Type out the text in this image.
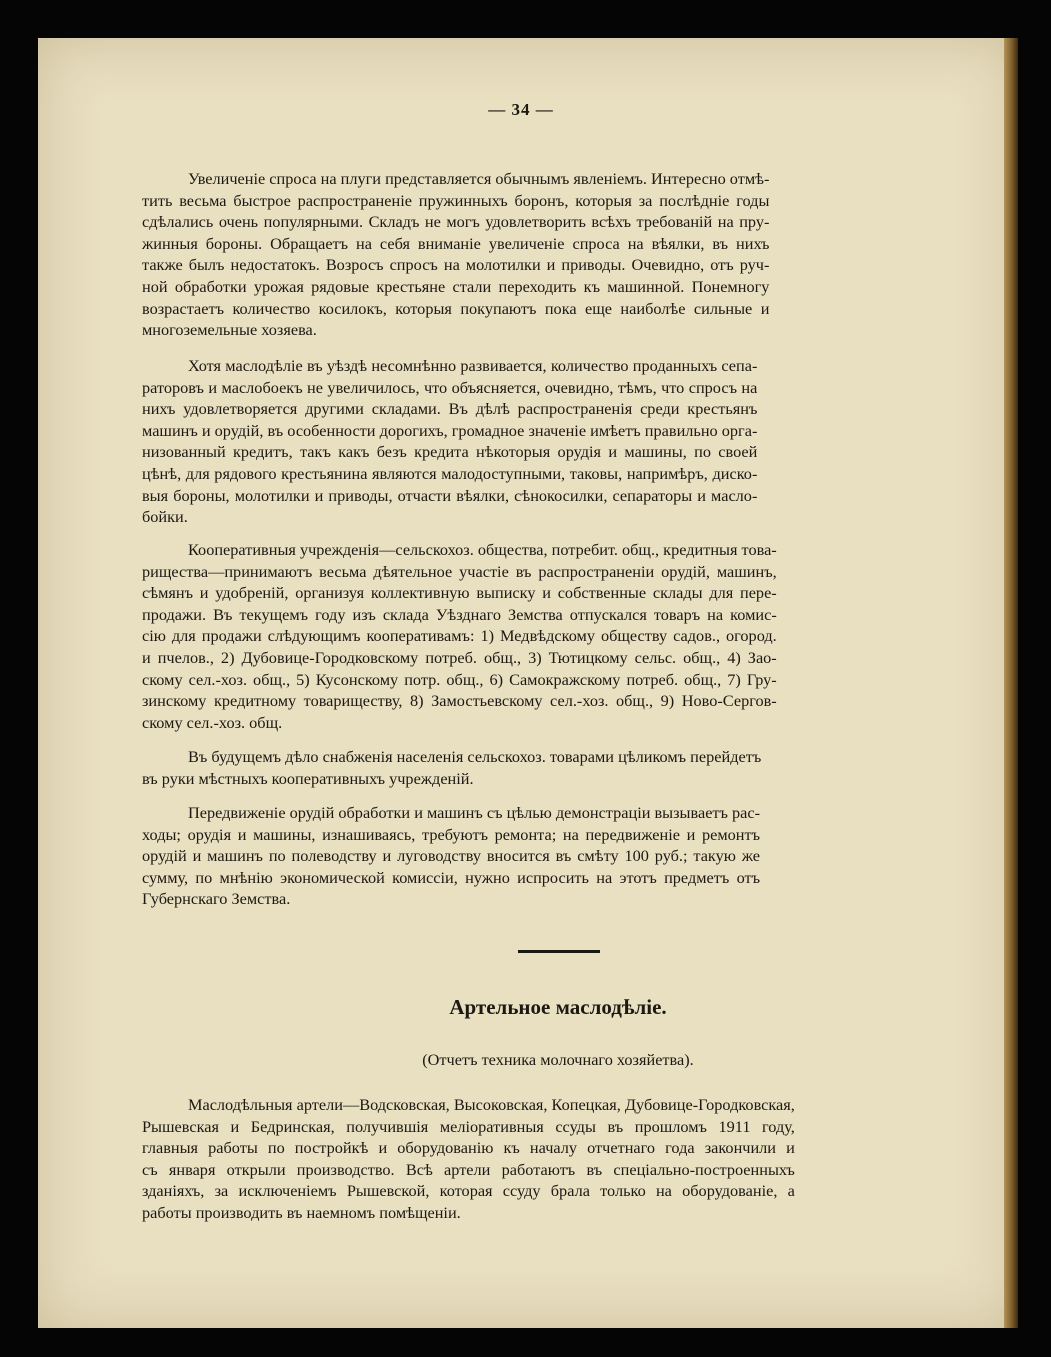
— 34 —
Увеличеніе спроса на плуги представляется обычнымъ явленіемъ. Интересно отмѣ-
тить весьма быстрое распространеніе пружинныхъ боронъ, которыя за послѣдніе годы
сдѣлались очень популярными. Складъ не могъ удовлетворить всѣхъ требованій на пру-
жинныя бороны. Обращаетъ на себя вниманіе увеличеніе спроса на вѣялки, въ нихъ
также былъ недостатокъ. Возросъ спросъ на молотилки и приводы. Очевидно, отъ руч-
ной обработки урожая рядовые крестьяне стали переходить къ машинной. Понемногу
возрастаетъ количество косилокъ, которыя покупаютъ пока еще наиболѣе сильные и
многоземельные хозяева.
Хотя маслодѣліе въ уѣздѣ несомнѣнно развивается, количество проданныхъ сепа-
раторовъ и маслобоекъ не увеличилось, что объясняется, очевидно, тѣмъ, что спросъ на
нихъ удовлетворяется другими складами. Въ дѣлѣ распространенія среди крестьянъ
машинъ и орудій, въ особенности дорогихъ, громадное значеніе имѣетъ правильно орга-
низованный кредитъ, такъ какъ безъ кредита нѣкоторыя орудія и машины, по своей
цѣнѣ, для рядового крестьянина являются малодоступными, таковы, напримѣръ, диско-
выя бороны, молотилки и приводы, отчасти вѣялки, сѣнокосилки, сепараторы и масло-
бойки.
Кооперативныя учрежденія—сельскохоз. общества, потребит. общ., кредитныя това-
рищества—принимаютъ весьма дѣятельное участіе въ распространеніи орудій, машинъ,
сѣмянъ и удобреній, организуя коллективную выписку и собственные склады для пере-
продажи. Въ текущемъ году изъ склада Уѣзднаго Земства отпускался товаръ на комис-
сію для продажи слѣдующимъ кооперативамъ: 1) Медвѣдскому обществу садов., огород.
и пчелов., 2) Дубовице-Городковскому потреб. общ., 3) Тютицкому сельс. общ., 4) Зао-
скому сел.-хоз. общ., 5) Кусонскому потр. общ., 6) Самокражскому потреб. общ., 7) Гру-
зинскому кредитному товариществу, 8) Замостьевскому сел.-хоз. общ., 9) Ново-Сергов-
скому сел.-хоз. общ.
Въ будущемъ дѣло снабженія населенія сельскохоз. товарами цѣликомъ перейдетъ
въ руки мѣстныхъ кооперативныхъ учрежденій.
Передвиженіе орудій обработки и машинъ съ цѣлью демонстраціи вызываетъ рас-
ходы; орудія и машины, изнашиваясь, требуютъ ремонта; на передвиженіе и ремонтъ
орудій и машинъ по полеводству и луговодству вносится въ смѣту 100 руб.; такую же
сумму, по мнѣнію экономической комиссіи, нужно испросить на этотъ предметъ отъ
Губернскаго Земства.
Артельное маслодѣліе.
(Отчетъ техника молочнаго хозяйетва).
Маслодѣльныя артели—Водсковская, Высоковская, Копецкая, Дубовице-Городковская,
Рышевская и Бедринская, получившія меліоративныя ссуды въ прошломъ 1911 году,
главныя работы по постройкѣ и оборудованію къ началу отчетнаго года закончили и
съ января открыли производство. Всѣ артели работаютъ въ спеціально-построенныхъ
зданіяхъ, за исключеніемъ Рышевской, которая ссуду брала только на оборудованіе, а
работы производить въ наемномъ помѣщеніи.
